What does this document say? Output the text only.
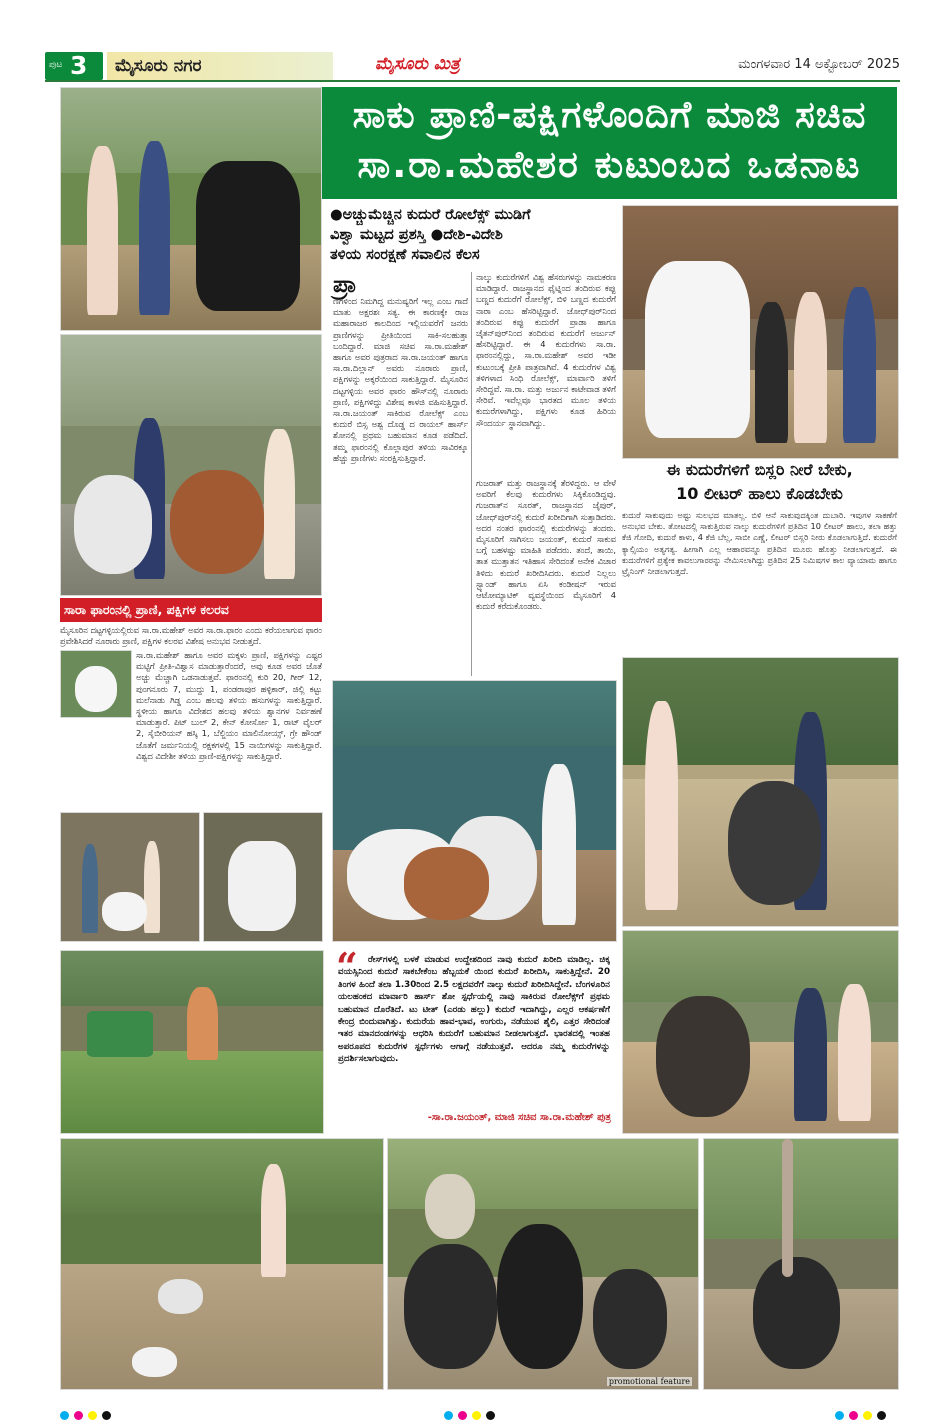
ಪುಟ 3 ಮೈಸೂರು ನಗರ	ಮೈಸೂರು ಮಿತ್ರ	ಮಂಗಳವಾರ 14 ಅಕ್ಟೋಬರ್ 2025
ಸಾಕು ಪ್ರಾಣಿ-ಪಕ್ಷಿಗಳೊಂದಿಗೆ ಮಾಜಿ ಸಚಿವ
ಸಾ.ರಾ.ಮಹೇಶರ ಕುಟುಂಬದ ಒಡನಾಟ
●ಅಚ್ಚುಮೆಚ್ಚಿನ ಕುದುರೆ ರೋಲೆಕ್ಸ್ ಮುಡಿಗೆ
ವಿಶ್ವಾ ಮಟ್ಟದ ಪ್ರಶಸ್ತಿ ●ದೇಶಿ-ವಿದೇಶಿ
ತಳಿಯ ಸಂರಕ್ಷಣೆ ಸವಾಲಿನ ಕೆಲಸ
ಪ್ರಾ
ಣಿಗಳಿಂದ ನಿಮಗಿದ್ದ ಮನುಷ್ಯರಿಗೆ ಇಲ್ಲ ಎಂಬ ಗಾದೆ ಮಾತು ಅಕ್ಷರಶಃ ಸತ್ಯ. ಈ ಕಾರಣಕ್ಕೇ ರಾಜ ಮಹಾರಾಜರ ಕಾಲದಿಂದ ಇಲ್ಲಿಯವರೆಗೆ ಜನರು ಪ್ರಾಣಿಗಳನ್ನು ಪ್ರೀತಿಯಿಂದ ಸಾಕಿ-ಸಲಹುತ್ತಾ ಬಂದಿದ್ದಾರೆ. ಮಾಜಿ ಸಚಿವ ಸಾ.ರಾ.ಮಹೇಶ್ ಹಾಗೂ ಅವರ ಪುತ್ರರಾದ ಸಾ.ರಾ.ಜಯಂತ್ ಹಾಗೂ ಸಾ.ರಾ.ದಿಲ್ಲಾನ್ ಅವರು ನೂರಾರು ಪ್ರಾಣಿ, ಪಕ್ಷಿಗಳನ್ನು ಅಕ್ಕರೆಯಿಂದ ಸಾಕುತ್ತಿದ್ದಾರೆ. ಮೈಸೂರಿನ ದಟ್ಟಗಳ್ಳಿಯ ಅವರ ಫಾರಂ ಹೌಸ್‌ನಲ್ಲಿ ನೂರಾರು ಪ್ರಾಣಿ, ಪಕ್ಷಿಗಳಿದ್ದು ವಿಶೇಷ ಕಾಳಜಿ ವಹಿಸುತ್ತಿದ್ದಾರೆ. ಸಾ.ರಾ.ಜಯಂತ್ ಸಾಕಿರುವ ರೋಲೆಕ್ಸ್ ಎಂಬ ಕುದುರೆ ಬಿಸ್ಸ ಅಶ್ವ ದೊಡ್ಡ ದ ರಾಯಲ್ ಹಾರ್ಸ್ ಶೋನಲ್ಲಿ ಪ್ರಥಮ ಬಹುಮಾನ ಕೂಡ ಪಡೆದಿದೆ. ತಮ್ಮ ಫಾರಂನಲ್ಲಿ ಕೊಲ್ಲಾಪುರ ತಳಿಯ ಸಾವಿರಕ್ಕೂ ಹೆಚ್ಚು ಪ್ರಾಣಿಗಳು ಸಂರಕ್ಷಿಸುತ್ತಿದ್ದಾರೆ.
ನಾಲ್ಕು ಕುದುರೆಗಳಿಗೆ ವಿಶ್ವ ಹೆಸರುಗಳನ್ನು ನಾಮಕರಣ ಮಾಡಿದ್ದಾರೆ. ರಾಜಸ್ಥಾನದ ಫೈಟ್ನಿಂದ ತಂದಿರುವ ಕಪ್ಪು ಬಣ್ಣದ ಕುದುರೆಗೆ ರೋಲೆಕ್ಸ್, ಬಿಳಿ ಬಣ್ಣದ ಕುದುರೆಗೆ ನಾರಾ ಎಂಬ ಹೆಸರಿಟ್ಟಿದ್ದಾರೆ. ಜೋಧ್‌ಪುರ್‌ನಿಂದ ತಂದಿರುವ ಕಪ್ಪು ಕುದುರೆಗೆ ಪ್ರಾಡಾ ಹಾಗೂ ಚೈತನ್‌ಪುರ್‌ನಿಂದ ತಂದಿರುವ ಕುದುರೆಗೆ ಅರ್ಜುನ್ ಹೆಸರಿಟ್ಟಿದ್ದಾರೆ. ಈ 4 ಕುದುರೆಗಳು ಸಾ.ರಾ. ಫಾರಂನಲ್ಲಿದ್ದು, ಸಾ.ರಾ.ಮಹೇಶ್ ಅವರ ಇಡೀ ಕುಟುಂಬಕ್ಕೆ ಪ್ರೀತಿ ಪಾತ್ರವಾಗಿವೆ. 4 ಕುದುರೆಗಳ ವಿಶ್ವ ತಳಿಗಳಾದ ಸಿಂಧಿ ರೋಲೆಕ್ಸ್, ಮಾರ್ವಾರಿ ತಳಿಗೆ ಸೇರಿದ್ದವೆ. ಸಾ.ರಾ. ಮತ್ತು ಅರ್ಜುನ ಕಾಟೇವಾಡ ತಳಿಗೆ ಸೇರಿವೆ. ಇವೆಲ್ಲವೂ ಭಾರತದ ಮೂಲ ತಳಿಯ ಕುದುರೆಗಳಾಗಿದ್ದು, ಪಕ್ಷಿಗಳು ಕೂಡ ಹಿರಿಯ ಸೌಂದರ್ಯ ಸ್ಥಾನವಾಗಿದ್ದು.
ಗುಜರಾತ್ ಮತ್ತು ರಾಜಸ್ಥಾನಕ್ಕೆ ತೆರಳಿದ್ದರು. ಆ ವೇಳೆ ಅವರಿಗೆ ಕೆಲವು ಕುದುರೆಗಳು ಸಿಕ್ಕಿಕೊಂಡಿದ್ದವು. ಗುಜರಾತ್‌ನ ಸೂರತ್, ರಾಜಸ್ಥಾನದ ಜೈಪುರ್, ಜೋಧ್‌ಪುರ್‌ನಲ್ಲಿ ಕುದುರೆ ಖರೀದಿಗಾಗಿ ಸುತ್ತಾಡಿದರು. ಅದರ ನಂತರ ಫಾರಂನಲ್ಲಿ ಕುದುರೆಗಳನ್ನು ತಂದರು. ಮೈಸೂರಿಗೆ ಸಾಗಿಸಲು ಜಯಂತ್, ಕುದುರೆ ಸಾಕುವ ಬಗ್ಗೆ ಬಹಳಷ್ಟು ಮಾಹಿತಿ ಪಡೆದರು. ತಂದೆ, ತಾಯಿ, ತಾತ ಮುತ್ತಾತನ ಇತಿಹಾಸ ಸೇರಿದಂತೆ ಅನೇಕ ವಿಚಾರ ತಿಳಿದು ಕುದುರೆ ಖರೀದಿಸಿದರು. ಕುದುರೆ ನಿಲ್ಲಲು ಸ್ಟ್ಯಾಂಡ್ ಹಾಗೂ ಏಸಿ ಕಂಡೀಷನ್ ಇರುವ ಆಟೋಮ್ಯಾಟಿಕ್ ವ್ಯವಸ್ಥೆಯಿಂದ ಮೈಸೂರಿಗೆ 4 ಕುದುರೆ ಕರೆದುಕೊಂಡರು.
ಈ ಕುದುರೆಗಳಿಗೆ ಬಿಸ್ಲರಿ ನೀರೆ ಬೇಕು,
10 ಲೀಟರ್ ಹಾಲು ಕೊಡಬೇಕು
ಕುದುರೆ ಸಾಕುವುದು ಅಷ್ಟು ಸುಲಭದ ಮಾತಲ್ಲ. ಬಿಳಿ ಆನೆ ಸಾಕುವುದಕ್ಕಿಂತ ದುಬಾರಿ. ಇವುಗಳ ಸಾಕಣೆಗೆ ಅನುಭವ ಬೇಕು. ತೋಟದಲ್ಲಿ ಸಾಕುತ್ತಿರುವ ನಾಲ್ಕು ಕುದುರೆಗಳಿಗೆ ಪ್ರತಿದಿನ 10 ಲೀಟರ್ ಹಾಲು, ತಲಾ ಹತ್ತು ಕೆಜಿ ಗೋದಿ, ಕುದುರೆ ಕಾಳು, 4 ಕೆಜಿ ಬೆಲ್ಲ, ಸಾಬೀ ಎಣ್ಣೆ, ಲೀಟರ್ ಬಿಸ್ಲರಿ ನೀರು ಕೊಡಲಾಗುತ್ತಿದೆ. ಕುದುರೆಗೆ ಕ್ಯಾಲ್ಸಿಯಂ ಅತ್ಯಗತ್ಯ. ಹೀಗಾಗಿ ಎಲ್ಲ ಆಹಾರವನ್ನೂ ಪ್ರತಿದಿನ ಮೂರು ಹೊತ್ತು ನೀಡಲಾಗುತ್ತದೆ. ಈ ಕುದುರೆಗಳಿಗೆ ಪ್ರತ್ಯೇಕ ಕಾವಲುಗಾರರನ್ನು ನೇಮಿಸಲಾಗಿದ್ದು ಪ್ರತಿದಿನ 25 ನಿಮಿಷಗಳ ಕಾಲ ವ್ಯಾಯಾಮ ಹಾಗೂ ಟ್ರೈನಿಂಗ್ ನೀಡಲಾಗುತ್ತದೆ.
ಸಾರಾ ಫಾರಂನಲ್ಲಿ ಪ್ರಾಣಿ, ಪಕ್ಷಿಗಳ ಕಲರವ
ಮೈಸೂರಿನ ದಟ್ಟಗಳ್ಳಿಯಲ್ಲಿರುವ ಸಾ.ರಾ.ಮಹೇಶ್ ಅವರ ಸಾ.ರಾ.ಫಾರಂ ಎಂದು ಕರೆಯಲಾಗುವ ಫಾರಂ ಪ್ರವೇಶಿಸಿದರೆ ನೂರಾರು ಪ್ರಾಣಿ, ಪಕ್ಷಿಗಳ ಕಲರವ ವಿಶೇಷ ಅನುಭವ ನೀಡುತ್ತದೆ.
ಸಾ.ರಾ.ಮಹೇಶ್ ಹಾಗೂ ಅವರ ಮಕ್ಕಳು ಪ್ರಾಣಿ, ಪಕ್ಷಿಗಳನ್ನು ಎಷ್ಟರ ಮಟ್ಟಿಗೆ ಪ್ರೀತಿ-ವಿಶ್ವಾಸ ಮಾಡುತ್ತಾರೆಂದರೆ, ಅವು ಕೂಡ ಅವರ ಜೊತೆ ಅಚ್ಚು ಮೆಚ್ಚಾಗಿ ಒಡನಾಡುತ್ತವೆ. ಫಾರಂನಲ್ಲಿ ಕುರಿ 20, ಗೀರ್ 12, ಪುಂಗನೂರು 7, ಮುದ್ದು 1, ಪಂಡರಾಪುರ ಹಳ್ಳಿಕಾರ್, ಜಿಲ್ಲಿ ಕಟ್ಟು ಮಲೆನಾಡು ಗಿಡ್ಡ ಎಂಬ ಹಲವು ತಳಿಯ ಹಸುಗಳನ್ನು ಸಾಕುತ್ತಿದ್ದಾರೆ. ಸ್ಥಳೀಯ ಹಾಗೂ ವಿದೇಶದ ಹಲವು ತಳಿಯ ಶ್ವಾನಗಳ ನಿರ್ವಹಣೆ ಮಾಡುತ್ತಾರೆ. ಪಿಟ್ ಬುಲ್ 2, ಕೇನ್ ಕೋರ್ಸೋ 1, ರಾಟ್ ವೈಲರ್ 2, ಸೈಬೀರಿಯನ್ ಹಸ್ಕಿ 1, ಬೆಲ್ಜಿಯಂ ಮಾಲಿನೋಯ್ಸ್, ಗ್ರೇ ಹೌಂಡ್ ಜೊತೆಗೆ ಜರ್ಮನಿಯಲ್ಲಿ ರಕ್ಷಕಗಳಲ್ಲಿ 15 ನಾಯಿಗಳನ್ನು ಸಾಕುತ್ತಿದ್ದಾರೆ. ವಿಶ್ವದ ವಿದೇಶೀ ತಳಿಯ ಪ್ರಾಣಿ-ಪಕ್ಷಿಗಳನ್ನು ಸಾಕುತ್ತಿದ್ದಾರೆ.
“	ರೇಸ್‌ಗಳಲ್ಲಿ ಬಳಕೆ ಮಾಡುವ ಉದ್ದೇಶದಿಂದ ನಾವು ಕುದುರೆ ಖರೀದಿ ಮಾಡಿಲ್ಲ. ಚಿಕ್ಕ ವಯಸ್ಸಿನಿಂದ ಕುದುರೆ ಸಾಕಬೇಕೆಂಬ ಹೆಬ್ಬಯಕೆ ಯಿಂದ ಕುದುರೆ ಖರೀದಿಸಿ, ಸಾಕುತ್ತಿದ್ದೇನೆ. 20 ತಿಂಗಳ ಹಿಂದೆ ತಲಾ 1.30ರಿಂದ 2.5 ಲಕ್ಷದವರೆಗೆ ನಾಲ್ಕು ಕುದುರೆ ಖರೀದಿಸಿದ್ದೇನೆ. ಬೆಂಗಳೂರಿನ ಯಲಹಂಕದ ಮಾರ್ವಾರಿ ಹಾರ್ಸ್ ಶೋ ಸ್ಪರ್ಧೆಯಲ್ಲಿ ನಾವು ಸಾಕಿರುವ ರೋಲೆಕ್ಸ್‌ಗೆ ಪ್ರಥಮ ಬಹುಮಾನ ದೊರೆತಿದೆ. ಟು ಟೀತ್ (ಎರಡು ಹಲ್ಲು) ಕುದುರೆ ಇದಾಗಿದ್ದು, ಎಲ್ಲರ ಆಕರ್ಷಣೆಗೆ ಕೇಂದ್ರ ಬಿಂದುವಾಗಿತ್ತು. ಕುದುರೆಯ ಹಾವ-ಭಾವ, ಉಗುರು, ನಡೆಯುವ ಶೈಲಿ, ಎತ್ತರ ಸೇರಿದಂತೆ ಇತರ ಮಾನದಂಡಗಳನ್ನು ಆಧರಿಸಿ ಕುದುರೆಗೆ ಬಹುಮಾನ ನೀಡಲಾಗುತ್ತದೆ. ಭಾರತದಲ್ಲಿ ಇಂತಹ ಅಪರೂಪದ ಕುದುರೆಗಳ ಸ್ಪರ್ಧೆಗಳು ಆಗಾಗ್ಗೆ ನಡೆಯುತ್ತವೆ. ಆದರೂ ನಮ್ಮ ಕುದುರೆಗಳನ್ನು ಪ್ರದರ್ಶಿಸಲಾಗುವುದು.
-ಸಾ.ರಾ.ಜಯಂತ್, ಮಾಜಿ ಸಚಿವ ಸಾ.ರಾ.ಮಹೇಶ್ ಪುತ್ರ
promotional feature
